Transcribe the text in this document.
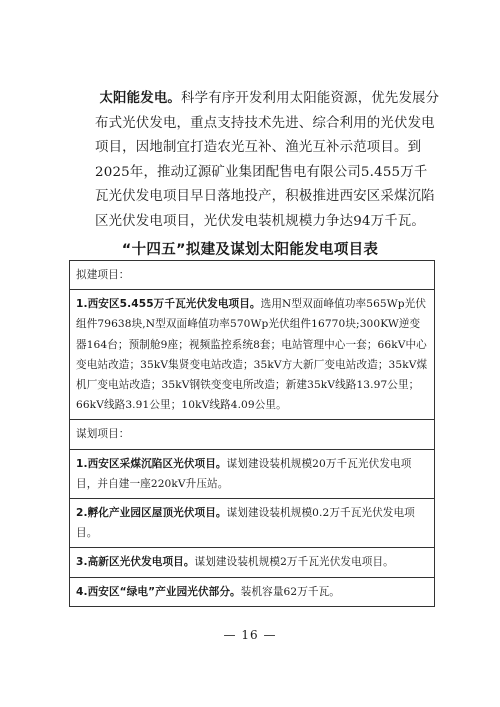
太阳能发电。科学有序开发利用太阳能资源，优先发展分布式光伏发电，重点支持技术先进、综合利用的光伏发电项目，因地制宜打造农光互补、渔光互补示范项目。到2025年，推动辽源矿业集团配售电有限公司5.455万千瓦光伏发电项目早日落地投产，积极推进西安区采煤沉陷区光伏发电项目，光伏发电装机规模力争达94万千瓦。

“十四五”拟建及谋划太阳能发电项目表
拟建项目：
1.西安区5.455万千瓦光伏发电项目。选用N型双面峰值功率565Wp光伏组件79638块,N型双面峰值功率570Wp光伏组件16770块;300KW逆变器164台；预制舱9座；视频监控系统8套；电站管理中心一套；66kV中心变电站改造；35kV集贤变电站改造；35kV方大新厂变电站改造；35kV煤机厂变电站改造；35kV钢铁变变电所改造；新建35kV线路13.97公里；66kV线路3.91公里；10kV线路4.09公里。
谋划项目：
1.西安区采煤沉陷区光伏项目。谋划建设装机规模20万千瓦光伏发电项目，并自建一座220kV升压站。
2.孵化产业园区屋顶光伏项目。谋划建设装机规模0.2万千瓦光伏发电项目。
3.高新区光伏发电项目。谋划建设装机规模2万千瓦光伏发电项目。
4.西安区“绿电”产业园光伏部分。装机容量62万千瓦。
— 16 —
